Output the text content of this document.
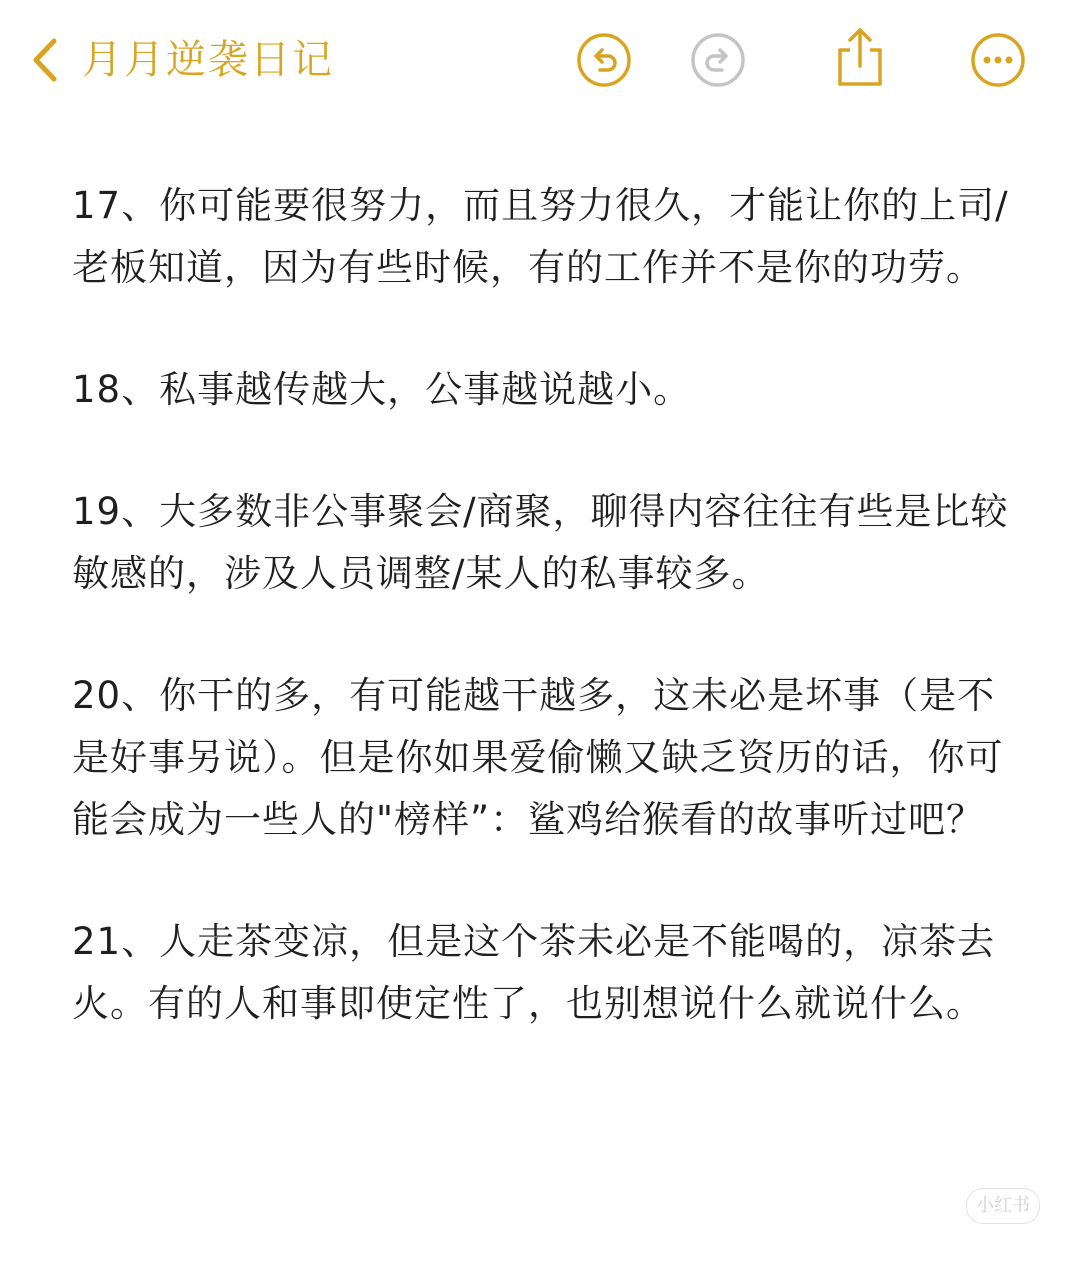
月月逆袭日记

17、你可能要很努力，而且努力很久，才能让你的上司/老板知道，因为有些时候，有的工作并不是你的功劳。

18、私事越传越大，公事越说越小。

19、大多数非公事聚会/商聚，聊得内容往往有些是比较敏感的，涉及人员调整/某人的私事较多。

20、你干的多，有可能越干越多，这未必是坏事（是不是好事另说）。但是你如果爱偷懒又缺乏资历的话，你可能会成为一些人的"榜样”：鲨鸡给猴看的故事听过吧？

21、人走茶变凉，但是这个茶未必是不能喝的，凉茶去火。有的人和事即使定性了，也别想说什么就说什么。

小红书
